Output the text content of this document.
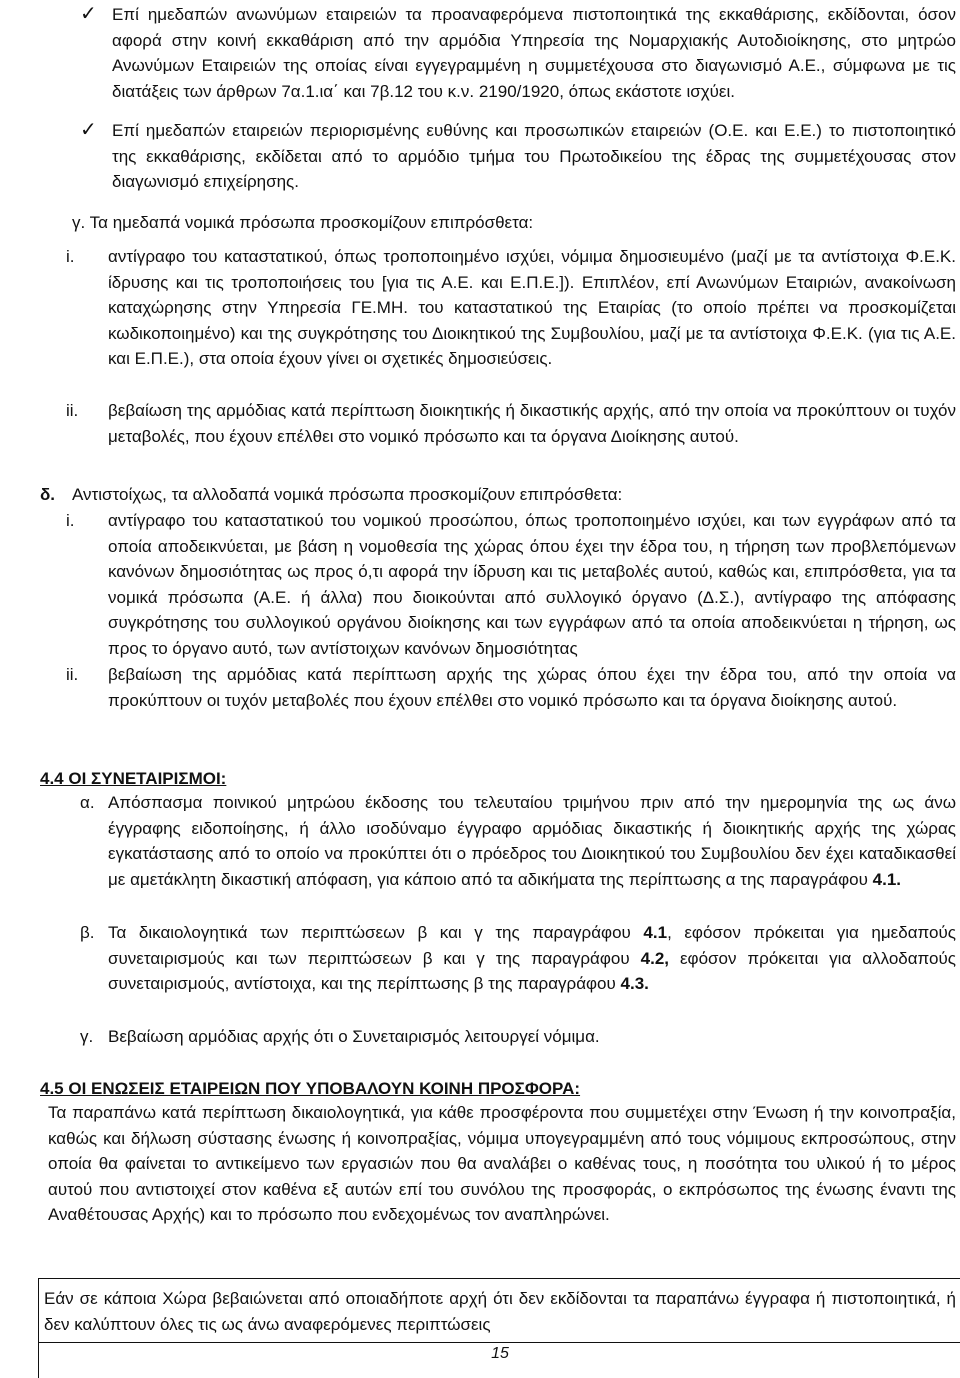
✓ Επί ημεδαπών ανωνύμων εταιρειών τα προαναφερόμενα πιστοποιητικά της εκκαθάρισης, εκδίδονται, όσον αφορά στην κοινή εκκαθάριση από την αρμόδια Υπηρεσία της Νομαρχιακής Αυτοδιοίκησης, στο μητρώο Ανωνύμων Εταιρειών της οποίας είναι εγγεγραμμένη η συμμετέχουσα στο διαγωνισμό Α.Ε., σύμφωνα με τις διατάξεις των άρθρων 7α.1.ια΄ και 7β.12 του κ.ν. 2190/1920, όπως εκάστοτε ισχύει.

✓ Επί ημεδαπών εταιρειών περιορισμένης ευθύνης και προσωπικών εταιρειών (Ο.Ε. και Ε.Ε.) το πιστοποιητικό της εκκαθάρισης, εκδίδεται από το αρμόδιο τμήμα του Πρωτοδικείου της έδρας της συμμετέχουσας στον διαγωνισμό επιχείρησης.

γ. Τα ημεδαπά νομικά πρόσωπα προσκομίζουν επιπρόσθετα:

i. αντίγραφο του καταστατικού, όπως τροποποιημένο ισχύει, νόμιμα δημοσιευμένο (μαζί με τα αντίστοιχα Φ.Ε.Κ. ίδρυσης και τις τροποποιήσεις του [για τις Α.Ε. και Ε.Π.Ε.]). Επιπλέον, επί Ανωνύμων Εταιριών, ανακοίνωση καταχώρησης στην Υπηρεσία ΓΕ.ΜΗ. του καταστατικού της Εταιρίας (το οποίο πρέπει να προσκομίζεται κωδικοποιημένο) και της συγκρότησης του Διοικητικού της Συμβουλίου, μαζί με τα αντίστοιχα Φ.Ε.Κ. (για τις Α.Ε. και Ε.Π.Ε.), στα οποία έχουν γίνει οι σχετικές δημοσιεύσεις.

ii. βεβαίωση της αρμόδιας κατά περίπτωση διοικητικής ή δικαστικής αρχής, από την οποία να προκύπτουν οι τυχόν μεταβολές, που έχουν επέλθει στο νομικό πρόσωπο και τα όργανα Διοίκησης αυτού.

δ. Αντιστοίχως, τα αλλοδαπά νομικά πρόσωπα προσκομίζουν επιπρόσθετα:

i. αντίγραφο του καταστατικού του νομικού προσώπου, όπως τροποποιημένο ισχύει, και των εγγράφων από τα οποία αποδεικνύεται, με βάση η νομοθεσία της χώρας όπου έχει την έδρα του, η τήρηση των προβλεπόμενων κανόνων δημοσιότητας ως προς ό,τι αφορά την ίδρυση και τις μεταβολές αυτού, καθώς και, επιπρόσθετα, για τα νομικά πρόσωπα (Α.Ε. ή άλλα) που διοικούνται από συλλογικό όργανο (Δ.Σ.), αντίγραφο της απόφασης συγκρότησης του συλλογικού οργάνου διοίκησης και των εγγράφων από τα οποία αποδεικνύεται η τήρηση, ως προς το όργανο αυτό, των αντίστοιχων κανόνων δημοσιότητας

ii. βεβαίωση της αρμόδιας κατά περίπτωση αρχής της χώρας όπου έχει την έδρα του, από την οποία να προκύπτουν οι τυχόν μεταβολές που έχουν επέλθει στο νομικό πρόσωπο και τα όργανα διοίκησης αυτού.

4.4 ΟΙ ΣΥΝΕΤΑΙΡΙΣΜΟΙ:

α. Απόσπασμα ποινικού μητρώου έκδοσης του τελευταίου τριμήνου πριν από την ημερομηνία της ως άνω έγγραφης ειδοποίησης, ή άλλο ισοδύναμο έγγραφο αρμόδιας δικαστικής ή διοικητικής αρχής της χώρας εγκατάστασης από το οποίο να προκύπτει ότι ο πρόεδρος του Διοικητικού του Συμβουλίου δεν έχει καταδικασθεί με αμετάκλητη δικαστική απόφαση, για κάποιο από τα αδικήματα της περίπτωσης α της παραγράφου 4.1.

β. Τα δικαιολογητικά των περιπτώσεων β και γ της παραγράφου 4.1, εφόσον πρόκειται για ημεδαπούς συνεταιρισμούς και των περιπτώσεων β και γ της παραγράφου 4.2, εφόσον πρόκειται για αλλοδαπούς συνεταιρισμούς, αντίστοιχα, και της περίπτωσης β της παραγράφου 4.3.

γ. Βεβαίωση αρμόδιας αρχής ότι ο Συνεταιρισμός λειτουργεί νόμιμα.

4.5 ΟΙ ΕΝΩΣΕΙΣ ΕΤΑΙΡΕΙΩΝ ΠΟΥ ΥΠΟΒΑΛΟΥΝ ΚΟΙΝΗ ΠΡΟΣΦΟΡΑ:

Τα παραπάνω κατά περίπτωση δικαιολογητικά, για κάθε προσφέροντα που συμμετέχει στην Ένωση ή την κοινοπραξία, καθώς και δήλωση σύστασης ένωσης ή κοινοπραξίας, νόμιμα υπογεγραμμένη από τους νόμιμους εκπροσώπους, στην οποία θα φαίνεται το αντικείμενο των εργασιών που θα αναλάβει ο καθένας τους, η ποσότητα του υλικού ή το μέρος αυτού που αντιστοιχεί στον καθένα εξ αυτών επί του συνόλου της προσφοράς, ο εκπρόσωπος της ένωσης έναντι της Αναθέτουσας Αρχής) και το πρόσωπο που ενδεχομένως τον αναπληρώνει.

Εάν σε κάποια Χώρα βεβαιώνεται από οποιαδήποτε αρχή ότι δεν εκδίδονται τα παραπάνω έγγραφα ή πιστοποιητικά, ή δεν καλύπτουν όλες τις ως άνω αναφερόμενες περιπτώσεις

15
